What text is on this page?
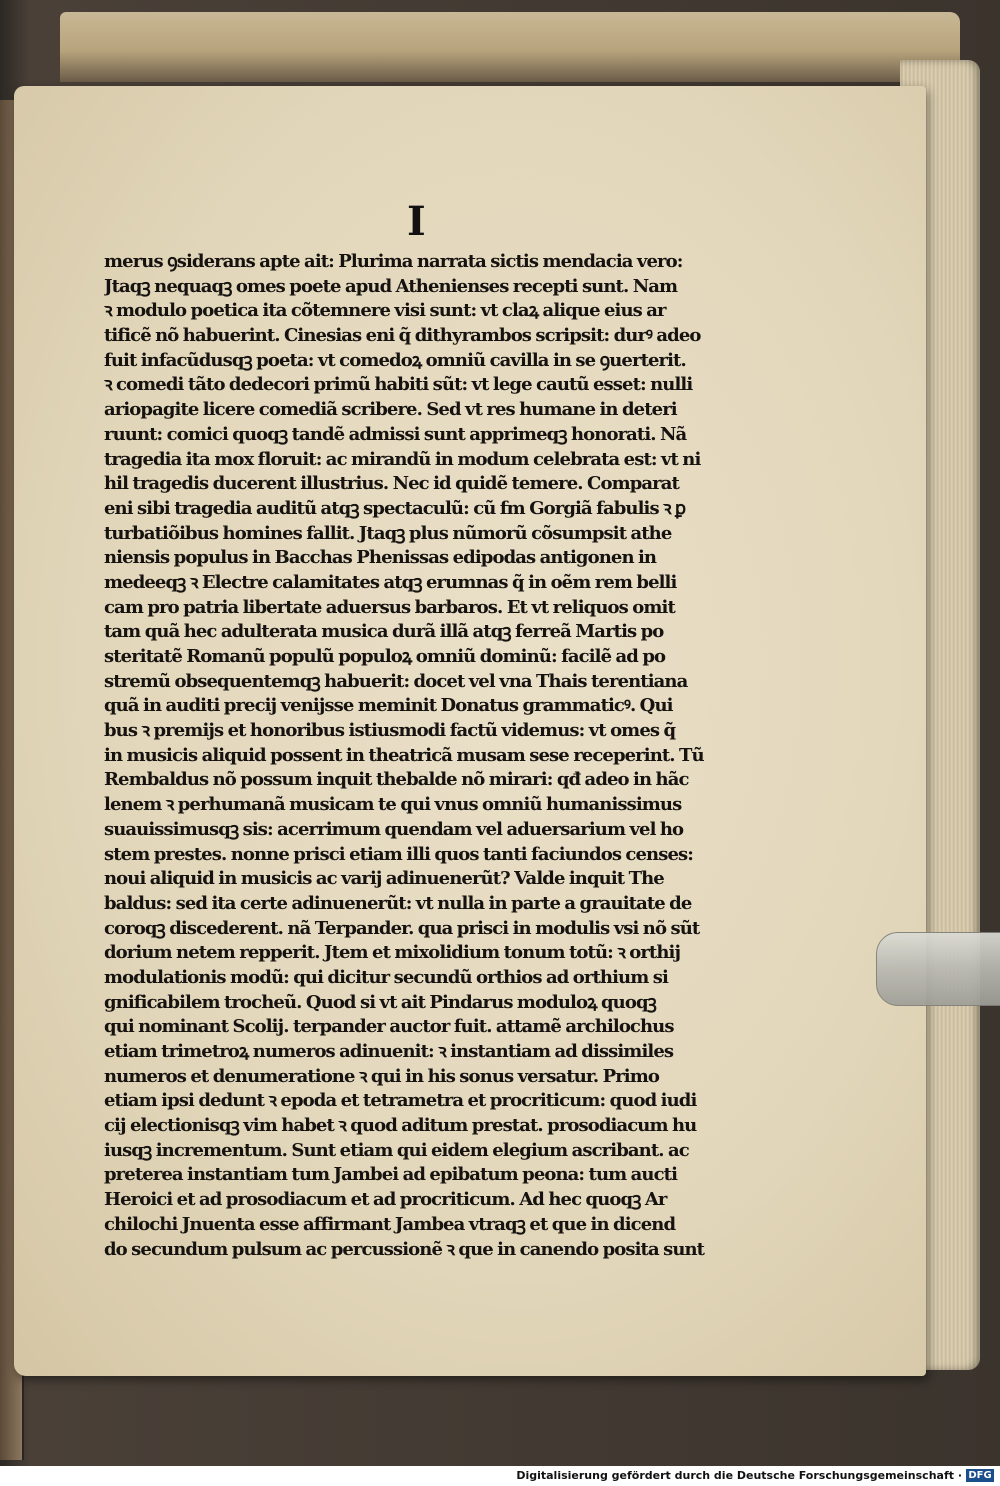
I
merus ꝯsiderans apte ait: Plurima narrata sictis mendacia vero:
Jtaqꝫ nequaqꝫ omes poete apud Athenienses recepti sunt. Nam
ꝛ modulo poetica ita cõtemnere visi sunt: vt claꝝ alique eius ar
tificẽ nõ habuerint. Cinesias eni q̃ dithyrambos scripsit: durꝰ adeo
fuit infacũdusqꝫ poeta: vt comedoꝝ omniũ cavilla in se ꝯuerterit.
ꝛ comedi tãto dedecori primũ habiti sũt: vt lege cautũ esset: nulli
ariopagite licere comediã scribere. Sed vt res humane in deteri
ruunt: comici quoqꝫ tandẽ admissi sunt apprimeqꝫ honorati. Nã
tragedia ita mox floruit: ac mirandũ in modum celebrata est: vt ni
hil tragedis ducerent illustrius. Nec id quidẽ temere. Comparat
eni sibi tragedia auditũ atqꝫ spectaculũ: cũ fm Gorgiã fabulis ꝛ ꝑ
turbatiõibus homines fallit. Jtaqꝫ plus nũmorũ cõsumpsit athe
niensis populus in Bacchas Phenissas edipodas antigonen in
medeeqꝫ ꝛ Electre calamitates atqꝫ erumnas q̃ in oẽm rem belli
cam pro patria libertate aduersus barbaros. Et vt reliquos omit
tam quã hec adulterata musica durã illã atqꝫ ferreã Martis po
steritatẽ Romanũ populũ populoꝝ omniũ dominũ: facilẽ ad po
stremũ obsequentemqꝫ habuerit: docet vel vna Thais terentiana
quã in auditi precij venijsse meminit Donatus grammaticꝰ. Qui
bus ꝛ premijs et honoribus istiusmodi factũ videmus: vt omes q̃
in musicis aliquid possent in theatricã musam sese receperint. Tũ
Rembaldus nõ possum inquit thebalde nõ mirari: qđ adeo in hãc
lenem ꝛ perhumanã musicam te qui vnus omniũ humanissimus
suauissimusqꝫ sis: acerrimum quendam vel aduersarium vel ho
stem prestes. nonne prisci etiam illi quos tanti faciundos censes:
noui aliquid in musicis ac varij adinuenerũt? Valde inquit The
baldus: sed ita certe adinuenerũt: vt nulla in parte a grauitate de
coroqꝫ discederent. nã Terpander. qua prisci in modulis vsi nõ sũt
dorium netem repperit. Jtem et mixolidium tonum totũ: ꝛ orthij
modulationis modũ: qui dicitur secundũ orthios ad orthium si
gnificabilem trocheũ. Quod si vt ait Pindarus moduloꝝ quoqꝫ
qui nominant Scolij. terpander auctor fuit. attamẽ archilochus
etiam trimetroꝝ numeros adinuenit: ꝛ instantiam ad dissimiles
numeros et denumeratione ꝛ qui in his sonus versatur. Primo
etiam ipsi dedunt ꝛ epoda et tetrametra et procriticum: quod iudi
cij electionisqꝫ vim habet ꝛ quod aditum prestat. prosodiacum hu
iusqꝫ incrementum. Sunt etiam qui eidem elegium ascribant. ac
preterea instantiam tum Jambei ad epibatum peona: tum aucti
Heroici et ad prosodiacum et ad procriticum. Ad hec quoqꝫ Ar
chilochi Jnuenta esse affirmant Jambea vtraqꝫ et que in dicend
do secundum pulsum ac percussionẽ ꝛ que in canendo posita sunt
Digitalisierung gefördert durch die Deutsche Forschungsgemeinschaft · DFG
